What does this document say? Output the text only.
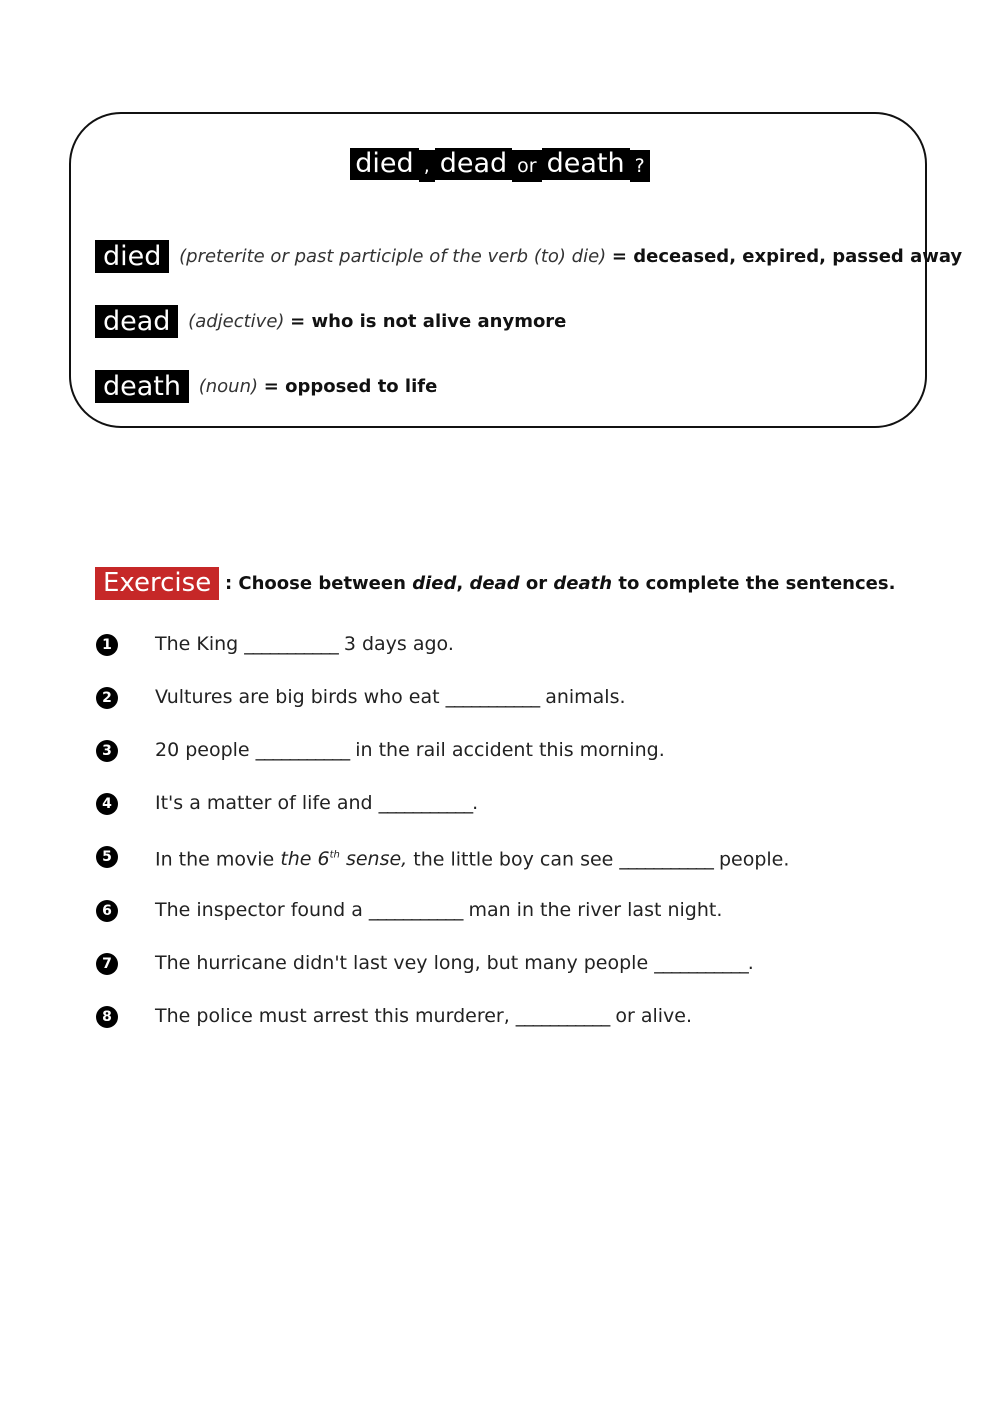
died , dead or death ?
died (preterite or past participle of the verb (to) die) = deceased, expired, passed away
dead (adjective) = who is not alive anymore
death (noun) = opposed to life
Exercise : Choose between died, dead or death to complete the sentences.
1 The King ___________ 3 days ago.
2 Vultures are big birds who eat ___________ animals.
3 20 people ___________ in the rail accident this morning.
4 It's a matter of life and ___________.
5 In the movie the 6th sense, the little boy can see ___________ people.
6 The inspector found a ___________ man in the river last night.
7 The hurricane didn't last vey long, but many people ___________.
8 The police must arrest this murderer, ___________ or alive.
